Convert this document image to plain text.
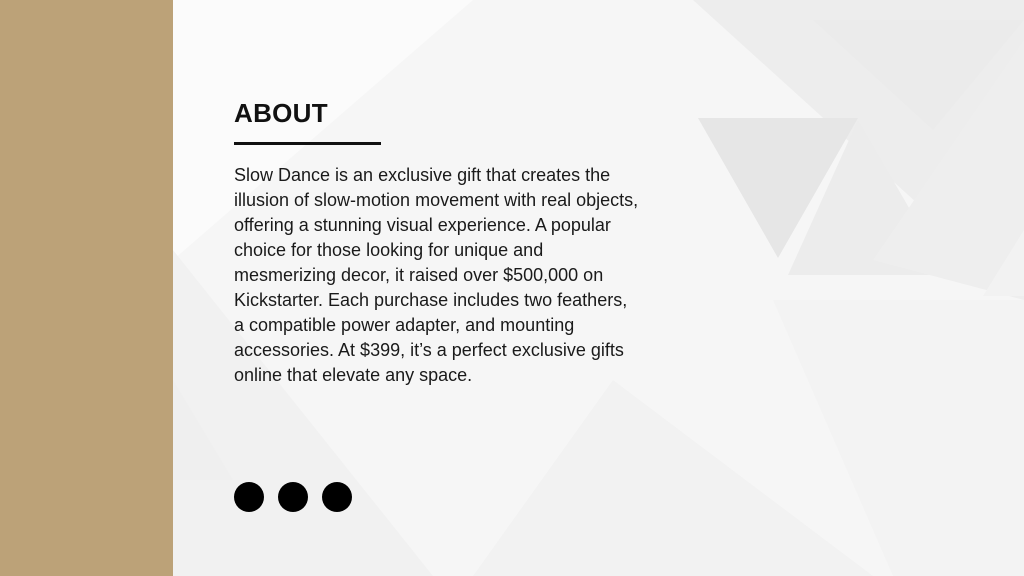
ABOUT

Slow Dance is an exclusive gift that creates the illusion of slow-motion movement with real objects, offering a stunning visual experience. A popular choice for those looking for unique and mesmerizing decor, it raised over $500,000 on Kickstarter. Each purchase includes two feathers, a compatible power adapter, and mounting accessories. At $399, it’s a perfect exclusive gifts online that elevate any space.
